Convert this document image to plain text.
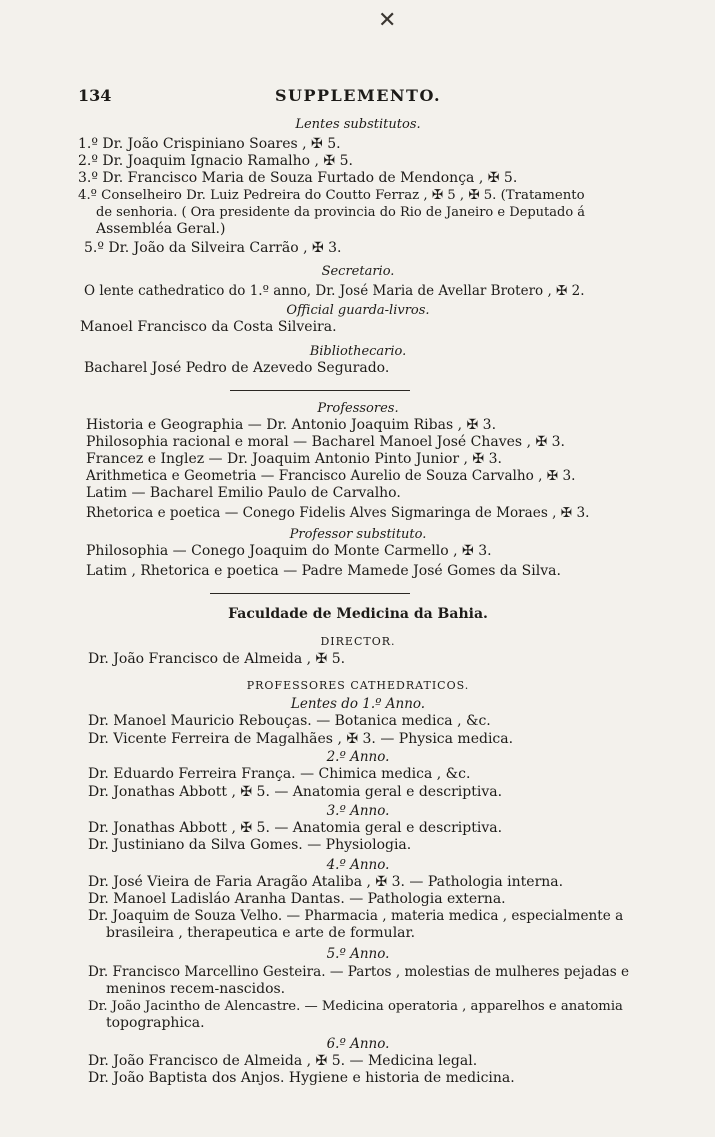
✕
134	SUPPLEMENTO.
Lentes substitutos.
1.º Dr. João Crispiniano Soares , ✠ 5.
2.º Dr. Joaquim Ignacio Ramalho , ✠ 5.
3.º Dr. Francisco Maria de Souza Furtado de Mendonça , ✠ 5.
4.º Conselheiro Dr. Luiz Pedreira do Coutto Ferraz , ✠ 5 , ✠ 5. (Tratamento
de senhoria. ( Ora presidente da provincia do Rio de Janeiro e Deputado á
Assembléa Geral.)
5.º Dr. João da Silveira Carrão , ✠ 3.
Secretario.
O lente cathedratico do 1.º anno, Dr. José Maria de Avellar Brotero , ✠ 2.
Official guarda-livros.
Manoel Francisco da Costa Silveira.
Bibliothecario.
Bacharel José Pedro de Azevedo Segurado.
Professores.
Historia e Geographia — Dr. Antonio Joaquim Ribas , ✠ 3.
Philosophia racional e moral — Bacharel Manoel José Chaves , ✠ 3.
Francez e Inglez — Dr. Joaquim Antonio Pinto Junior , ✠ 3.
Arithmetica e Geometria — Francisco Aurelio de Souza Carvalho , ✠ 3.
Latim — Bacharel Emilio Paulo de Carvalho.
Rhetorica e poetica — Conego Fidelis Alves Sigmaringa de Moraes , ✠ 3.
Professor substituto.
Philosophia — Conego Joaquim do Monte Carmello , ✠ 3.
Latim , Rhetorica e poetica — Padre Mamede José Gomes da Silva.
Faculdade de Medicina da Bahia.
DIRECTOR.
Dr. João Francisco de Almeida , ✠ 5.
PROFESSORES CATHEDRATICOS.
Lentes do 1.º Anno.
Dr. Manoel Mauricio Rebouças. — Botanica medica , &c.
Dr. Vicente Ferreira de Magalhães , ✠ 3. — Physica medica.
2.º Anno.
Dr. Eduardo Ferreira França. — Chimica medica , &c.
Dr. Jonathas Abbott , ✠ 5. — Anatomia geral e descriptiva.
3.º Anno.
Dr. Jonathas Abbott , ✠ 5. — Anatomia geral e descriptiva.
Dr. Justiniano da Silva Gomes. — Physiologia.
4.º Anno.
Dr. José Vieira de Faria Aragão Ataliba , ✠ 3. — Pathologia interna.
Dr. Manoel Ladisláo Aranha Dantas. — Pathologia externa.
Dr. Joaquim de Souza Velho. — Pharmacia , materia medica , especialmente a
brasileira , therapeutica e arte de formular.
5.º Anno.
Dr. Francisco Marcellino Gesteira. — Partos , molestias de mulheres pejadas e
meninos recem-nascidos.
Dr. João Jacintho de Alencastre. — Medicina operatoria , apparelhos e anatomia
topographica.
6.º Anno.
Dr. João Francisco de Almeida , ✠ 5. — Medicina legal.
Dr. João Baptista dos Anjos. Hygiene e historia de medicina.
